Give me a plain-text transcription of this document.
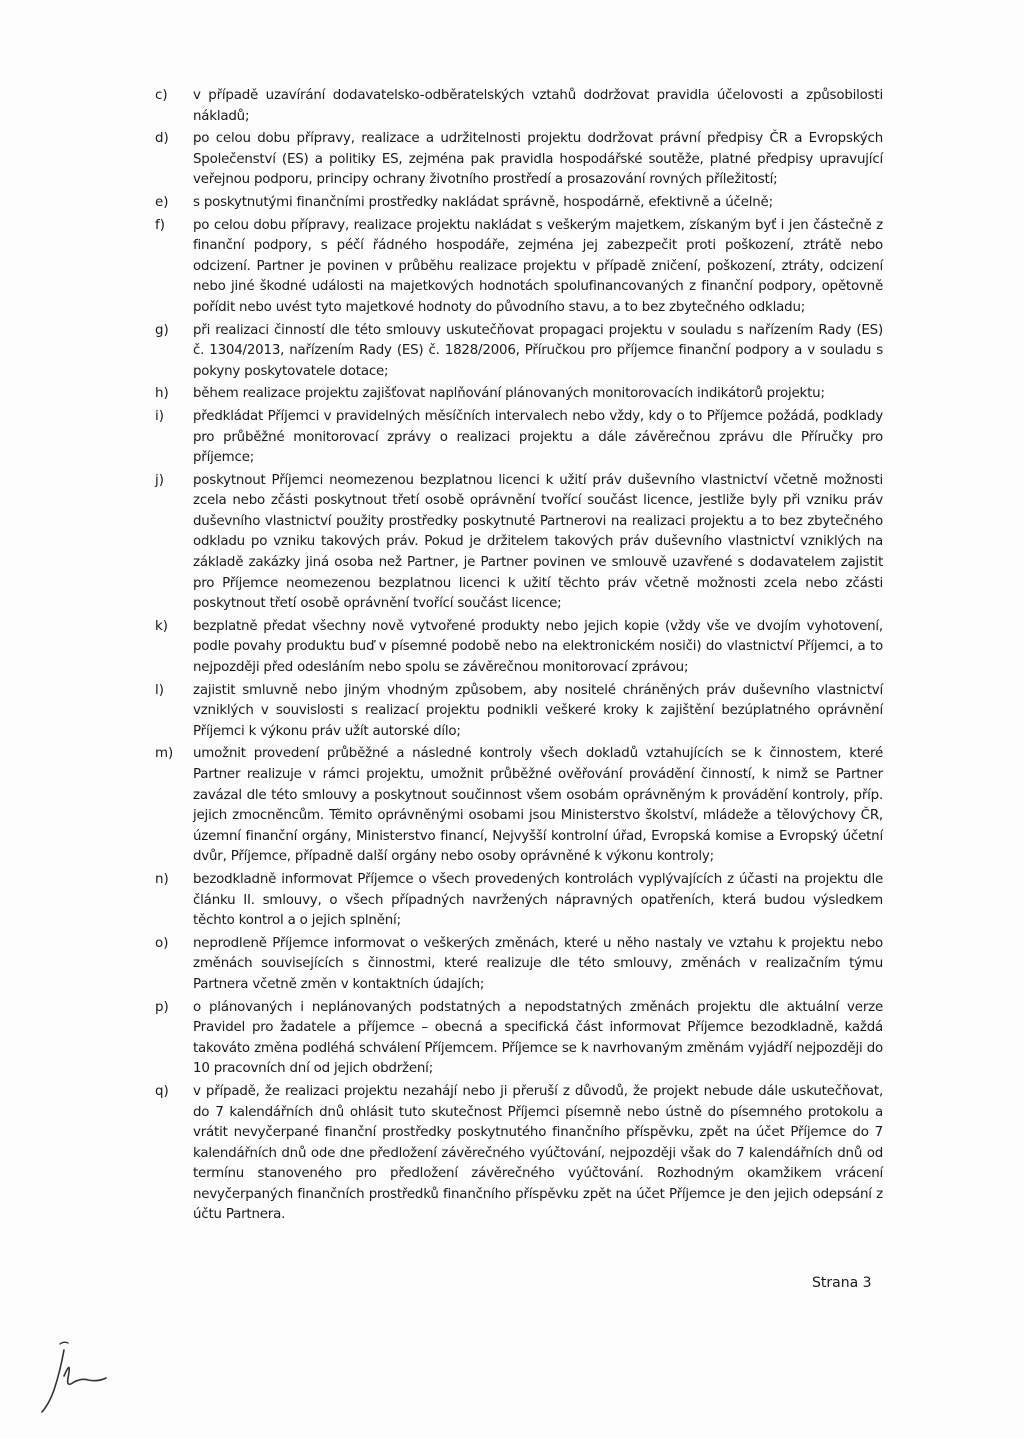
c)	v případě uzavírání dodavatelsko-odběratelských vztahů dodržovat pravidla účelovosti a způsobilosti nákladů;
d)	po celou dobu přípravy, realizace a udržitelnosti projektu dodržovat právní předpisy ČR a Evropských Společenství (ES) a politiky ES, zejména pak pravidla hospodářské soutěže, platné předpisy upravující veřejnou podporu, principy ochrany životního prostředí a prosazování rovných příležitostí;
e)	s poskytnutými finančními prostředky nakládat správně, hospodárně, efektivně a účelně;
f)	po celou dobu přípravy, realizace projektu nakládat s veškerým majetkem, získaným byť i jen částečně z finanční podpory, s péčí řádného hospodáře, zejména jej zabezpečit proti poškození, ztrátě nebo odcizení. Partner je povinen v průběhu realizace projektu v případě zničení, poškození, ztráty, odcizení nebo jiné škodné události na majetkových hodnotách spolufinancovaných z finanční podpory, opětovně pořídit nebo uvést tyto majetkové hodnoty do původního stavu, a to bez zbytečného odkladu;
g)	při realizaci činností dle této smlouvy uskutečňovat propagaci projektu v souladu s nařízením Rady (ES) č. 1304/2013, nařízením Rady (ES) č. 1828/2006, Příručkou pro příjemce finanční podpory a v souladu s pokyny poskytovatele dotace;
h)	během realizace projektu zajišťovat naplňování plánovaných monitorovacích indikátorů projektu;
i)	předkládat Příjemci v pravidelných měsíčních intervalech nebo vždy, kdy o to Příjemce požádá, podklady pro průběžné monitorovací zprávy o realizaci projektu a dále závěrečnou zprávu dle Příručky pro příjemce;
j)	poskytnout Příjemci neomezenou bezplatnou licenci k užití práv duševního vlastnictví včetně možnosti zcela nebo zčásti poskytnout třetí osobě oprávnění tvořící součást licence, jestliže byly při vzniku práv duševního vlastnictví použity prostředky poskytnuté Partnerovi na realizaci projektu a to bez zbytečného odkladu po vzniku takových práv. Pokud je držitelem takových práv duševního vlastnictví vzniklých na základě zakázky jiná osoba než Partner, je Partner povinen ve smlouvě uzavřené s dodavatelem zajistit pro Příjemce neomezenou bezplatnou licenci k užití těchto práv včetně možnosti zcela nebo zčásti poskytnout třetí osobě oprávnění tvořící součást licence;
k)	bezplatně předat všechny nově vytvořené produkty nebo jejich kopie (vždy vše ve dvojím vyhotovení, podle povahy produktu buď v písemné podobě nebo na elektronickém nosiči) do vlastnictví Příjemci, a to nejpozději před odesláním nebo spolu se závěrečnou monitorovací zprávou;
l)	zajistit smluvně nebo jiným vhodným způsobem, aby nositelé chráněných práv duševního vlastnictví vzniklých v souvislosti s realizací projektu podnikli veškeré kroky k zajištění bezúplatného oprávnění Příjemci k výkonu práv užít autorské dílo;
m)	umožnit provedení průběžné a následné kontroly všech dokladů vztahujících se k činnostem, které Partner realizuje v rámci projektu, umožnit průběžné ověřování provádění činností, k nimž se Partner zavázal dle této smlouvy a poskytnout součinnost všem osobám oprávněným k provádění kontroly, příp. jejich zmocněncům. Těmito oprávněnými osobami jsou Ministerstvo školství, mládeže a tělovýchovy ČR, územní finanční orgány, Ministerstvo financí, Nejvyšší kontrolní úřad, Evropská komise a Evropský účetní dvůr, Příjemce, případně další orgány nebo osoby oprávněné k výkonu kontroly;
n)	bezodkladně informovat Příjemce o všech provedených kontrolách vyplývajících z účasti na projektu dle článku II. smlouvy, o všech případných navržených nápravných opatřeních, která budou výsledkem těchto kontrol a o jejich splnění;
o)	neprodleně Příjemce informovat o veškerých změnách, které u něho nastaly ve vztahu k projektu nebo změnách souvisejících s činnostmi, které realizuje dle této smlouvy, změnách v realizačním týmu Partnera včetně změn v kontaktních údajích;
p)	o plánovaných i neplánovaných podstatných a nepodstatných změnách projektu dle aktuální verze Pravidel pro žadatele a příjemce – obecná a specifická část informovat Příjemce bezodkladně, každá takováto změna podléhá schválení Příjemcem. Příjemce se k navrhovaným změnám vyjádří nejpozději do 10 pracovních dní od jejich obdržení;
q)	v případě, že realizaci projektu nezahájí nebo ji přeruší z důvodů, že projekt nebude dále uskutečňovat, do 7 kalendářních dnů ohlásit tuto skutečnost Příjemci písemně nebo ústně do písemného protokolu a vrátit nevyčerpané finanční prostředky poskytnutého finančního příspěvku, zpět na účet Příjemce do 7 kalendářních dnů ode dne předložení závěrečného vyúčtování, nejpozději však do 7 kalendářních dnů od termínu stanoveného pro předložení závěrečného vyúčtování. Rozhodným okamžikem vrácení nevyčerpaných finančních prostředků finančního příspěvku zpět na účet Příjemce je den jejich odepsání z účtu Partnera.
Strana 3
